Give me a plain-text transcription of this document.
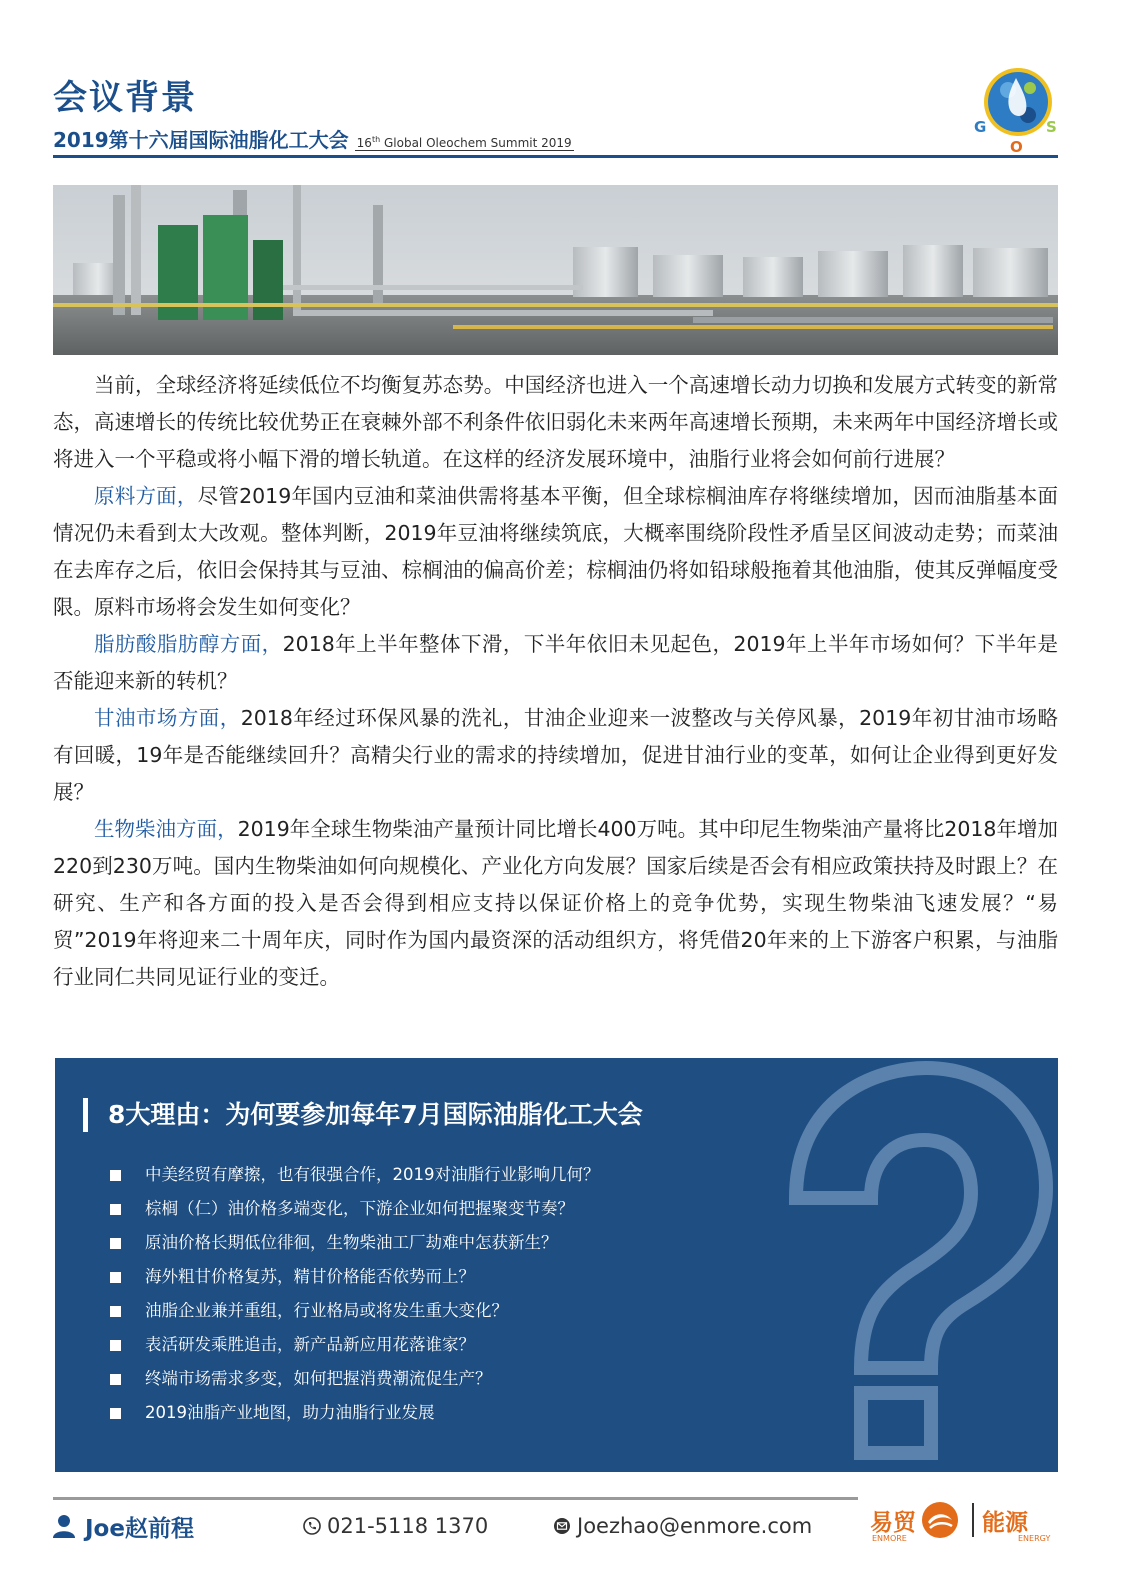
会议背景
2019第十六届国际油脂化工大会 16th Global Oleochem Summit 2019
G
O
S

当前，全球经济将延续低位不均衡复苏态势。中国经济也进入一个高速增长动力切换和发展方式转变的新常态，高速增长的传统比较优势正在衰棘外部不利条件依旧弱化未来两年高速增长预期，未来两年中国经济增长或将进入一个平稳或将小幅下滑的增长轨道。在这样的经济发展环境中，油脂行业将会如何前行进展？

原料方面，尽管2019年国内豆油和菜油供需将基本平衡，但全球棕榈油库存将继续增加，因而油脂基本面情况仍未看到太大改观。整体判断，2019年豆油将继续筑底，大概率围绕阶段性矛盾呈区间波动走势；而菜油在去库存之后，依旧会保持其与豆油、棕榈油的偏高价差；棕榈油仍将如铅球般拖着其他油脂，使其反弹幅度受限。原料市场将会发生如何变化？

脂肪酸脂肪醇方面，2018年上半年整体下滑，下半年依旧未见起色，2019年上半年市场如何？下半年是否能迎来新的转机？

甘油市场方面，2018年经过环保风暴的洗礼，甘油企业迎来一波整改与关停风暴，2019年初甘油市场略有回暖，19年是否能继续回升？高精尖行业的需求的持续增加，促进甘油行业的变革，如何让企业得到更好发展？

生物柴油方面，2019年全球生物柴油产量预计同比增长400万吨。其中印尼生物柴油产量将比2018年增加220到230万吨。国内生物柴油如何向规模化、产业化方向发展？国家后续是否会有相应政策扶持及时跟上？在研究、生产和各方面的投入是否会得到相应支持以保证价格上的竞争优势，实现生物柴油飞速发展？“易贸”2019年将迎来二十周年庆，同时作为国内最资深的活动组织方，将凭借20年来的上下游客户积累，与油脂行业同仁共同见证行业的变迁。

8大理由：为何要参加每年7月国际油脂化工大会
中美经贸有摩擦，也有很强合作，2019对油脂行业影响几何？
棕榈（仁）油价格多端变化，下游企业如何把握聚变节奏？
原油价格长期低位徘徊，生物柴油工厂劫难中怎获新生？
海外粗甘价格复苏，精甘价格能否依势而上？
油脂企业兼并重组，行业格局或将发生重大变化？
表活研发乘胜追击，新产品新应用花落谁家？
终端市场需求多变，如何把握消费潮流促生产？
2019油脂产业地图，助力油脂行业发展
Joe赵前程	021-5118 1370	Joezhao@enmore.com	易贸	能源
ENMORE	ENERGY
